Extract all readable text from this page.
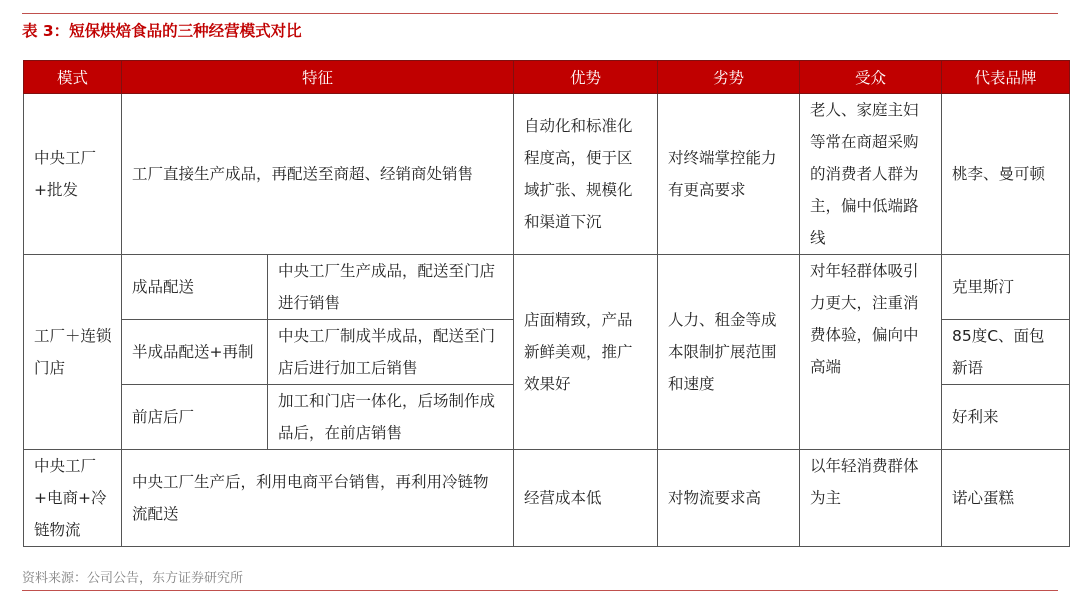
表 3：短保烘焙食品的三种经营模式对比
模式	特征		优势	劣势	受众	代表品牌
中央工厂+批发	工厂直接生产成品，再配送至商超、经销商处销售		自动化和标准化程度高，便于区域扩张、规模化和渠道下沉	对终端掌控能力有更高要求	老人、家庭主妇等常在商超采购的消费者人群为主，偏中低端路线	桃李、曼可顿
工厂＋连锁门店	成品配送	中央工厂生产成品，配送至门店进行销售	店面精致，产品新鲜美观，推广效果好	人力、租金等成本限制扩展范围和速度	对年轻群体吸引力更大，注重消费体验，偏向中高端	克里斯汀
	半成品配送+再制	中央工厂制成半成品，配送至门店后进行加工后销售				85度C、面包新语
	前店后厂	加工和门店一体化，后场制作成品后，在前店销售				好利来
中央工厂+电商+冷链物流	中央工厂生产后，利用电商平台销售，再利用冷链物流配送		经营成本低	对物流要求高	以年轻消费群体为主	诺心蛋糕
资料来源：公司公告，东方证券研究所
